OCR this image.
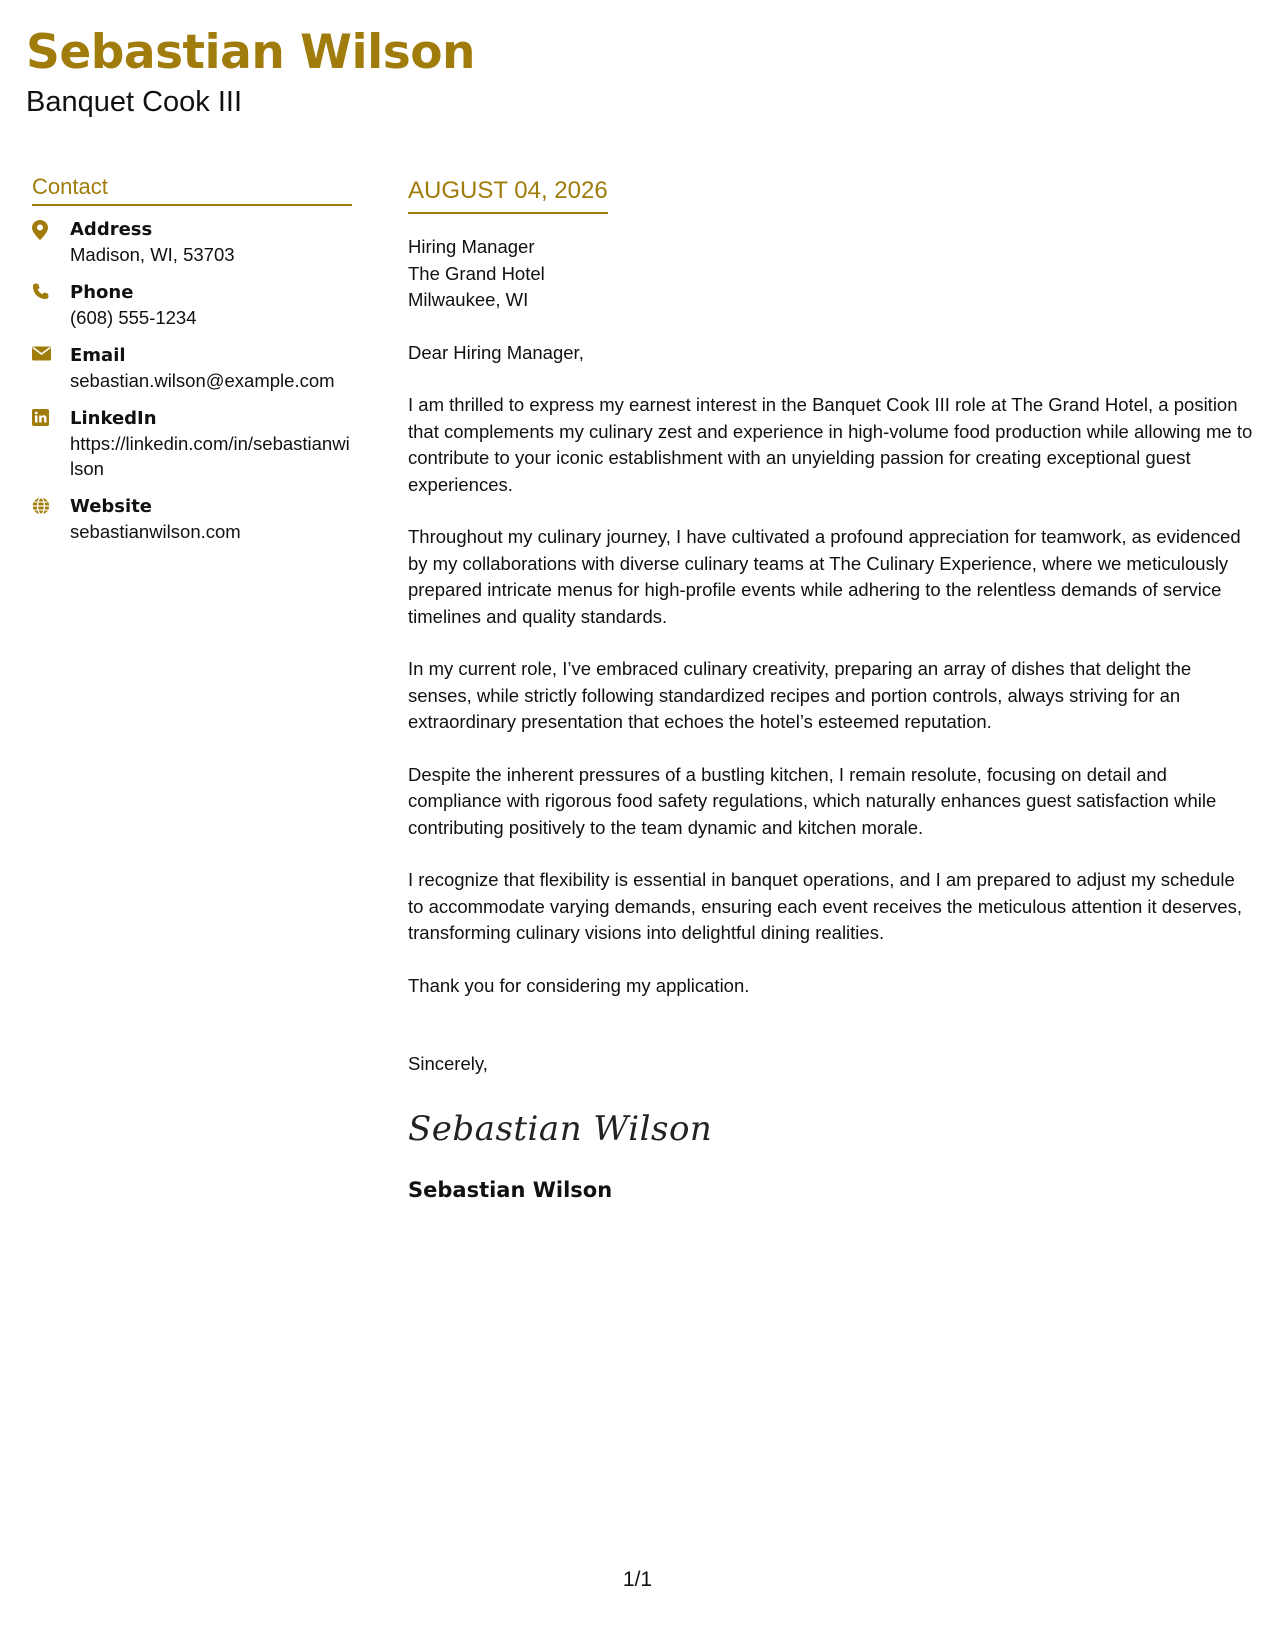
Sebastian Wilson
Banquet Cook III
Contact
Address
Madison, WI, 53703
Phone
(608) 555-1234
Email
sebastian.wilson@example.com
LinkedIn
https://linkedin.com/in/sebastianwilson
Website
sebastianwilson.com
AUGUST 04, 2026
Hiring Manager
The Grand Hotel
Milwaukee, WI
Dear Hiring Manager,
I am thrilled to express my earnest interest in the Banquet Cook III role at The Grand Hotel, a position that complements my culinary zest and experience in high-volume food production while allowing me to contribute to your iconic establishment with an unyielding passion for creating exceptional guest experiences.
Throughout my culinary journey, I have cultivated a profound appreciation for teamwork, as evidenced by my collaborations with diverse culinary teams at The Culinary Experience, where we meticulously prepared intricate menus for high-profile events while adhering to the relentless demands of service timelines and quality standards.
In my current role, I’ve embraced culinary creativity, preparing an array of dishes that delight the senses, while strictly following standardized recipes and portion controls, always striving for an extraordinary presentation that echoes the hotel’s esteemed reputation.
Despite the inherent pressures of a bustling kitchen, I remain resolute, focusing on detail and compliance with rigorous food safety regulations, which naturally enhances guest satisfaction while contributing positively to the team dynamic and kitchen morale.
I recognize that flexibility is essential in banquet operations, and I am prepared to adjust my schedule to accommodate varying demands, ensuring each event receives the meticulous attention it deserves, transforming culinary visions into delightful dining realities.
Thank you for considering my application.
Sincerely,
Sebastian Wilson
Sebastian Wilson
1/1
